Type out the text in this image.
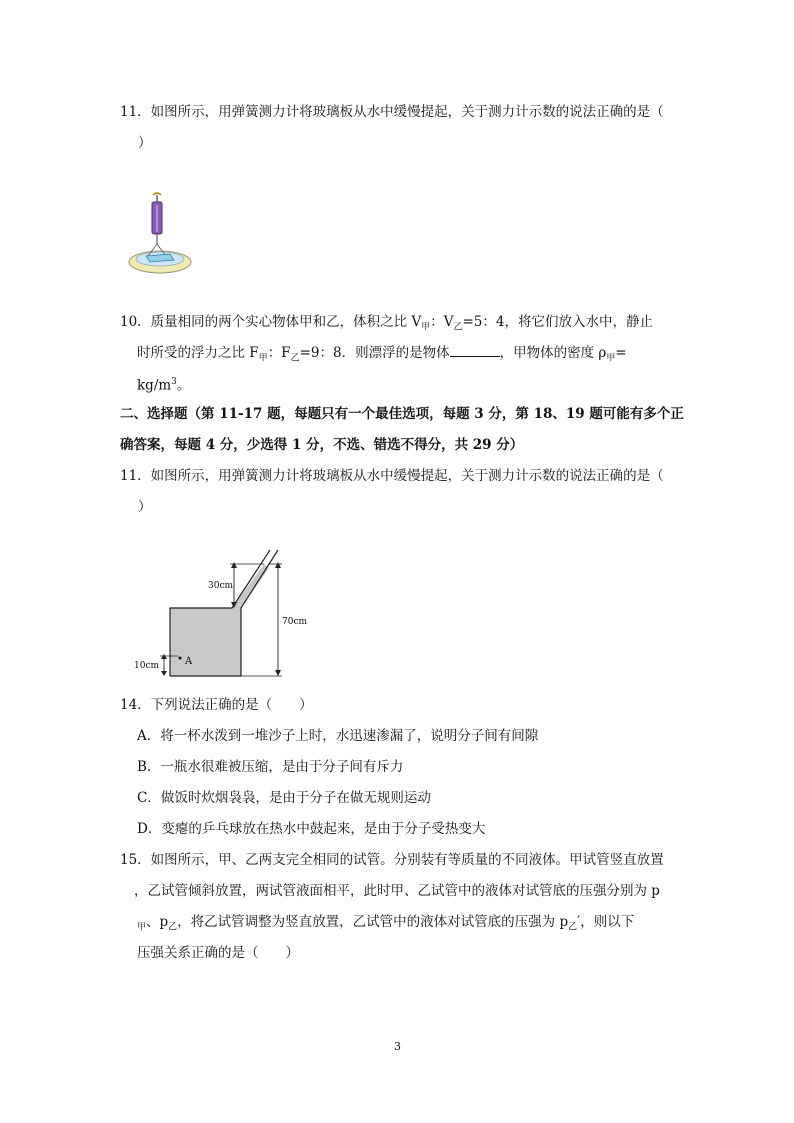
11．如图所示，用弹簧测力计将玻璃板从水中缓慢提起，关于测力计示数的说法正确的是（
）
10．质量相同的两个实心物体甲和乙，体积之比 $V_甲$：$V_乙=5$：4，将它们放入水中，静止
时所受的浮力之比 $F_甲$：$F_乙=9$：8．则漂浮的是物体	，甲物体的密度 $\rho_甲=$
$kg/m^3$。
二、选择题（第 11-17 题，每题只有一个最佳选项，每题 3 分，第 18、19 题可能有多个正
确答案，每题 4 分，少选得 1 分，不选、错选不得分，共 29 分）
11．如图所示，用弹簧测力计将玻璃板从水中缓慢提起，关于测力计示数的说法正确的是（
）
30cm
70cm
10cm	A
14．下列说法正确的是（　　）
A．将一杯水泼到一堆沙子上时，水迅速渗漏了，说明分子间有间隙
B．一瓶水很难被压缩，是由于分子间有斥力
C．做饭时炊烟袅袅，是由于分子在做无规则运动
D．变瘪的乒乓球放在热水中鼓起来，是由于分子受热变大
15．如图所示，甲、乙两支完全相同的试管。分别装有等质量的不同液体。甲试管竖直放置
，乙试管倾斜放置，两试管液面相平，此时甲、乙试管中的液体对试管底的压强分别为 p
$_甲$、$p_乙$，将乙试管调整为竖直放置，乙试管中的液体对试管底的压强为 $p_乙'$，则以下
压强关系正确的是（　　）
3
